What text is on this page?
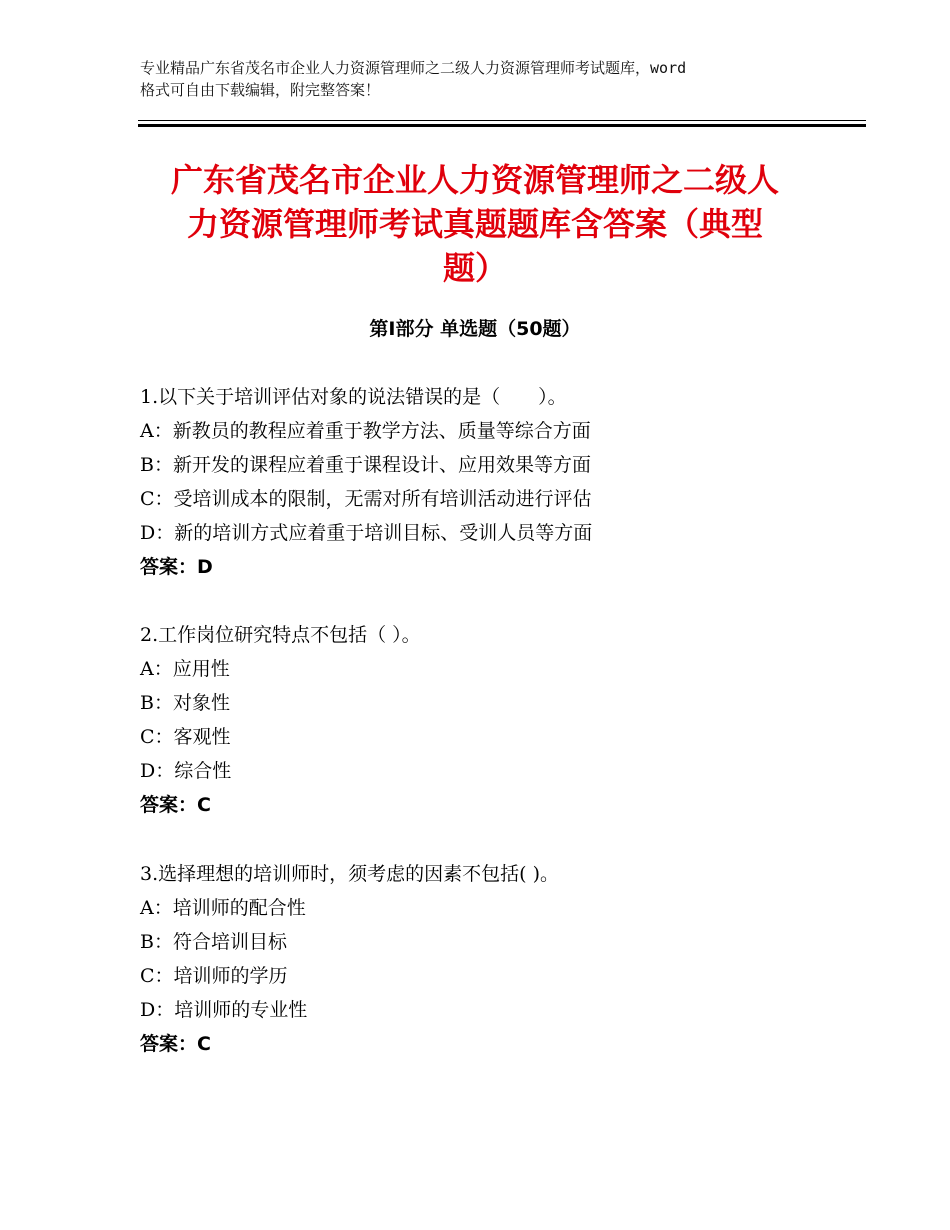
专业精品广东省茂名市企业人力资源管理师之二级人力资源管理师考试题库，word
格式可自由下载编辑，附完整答案！
广东省茂名市企业人力资源管理师之二级人
力资源管理师考试真题题库含答案（典型
题）
第Ⅰ部分 单选题（50题）
1.以下关于培训评估对象的说法错误的是（　　）。
A：新教员的教程应着重于教学方法、质量等综合方面
B：新开发的课程应着重于课程设计、应用效果等方面
C：受培训成本的限制，无需对所有培训活动进行评估
D：新的培训方式应着重于培训目标、受训人员等方面
答案：D
2.工作岗位研究特点不包括（ ）。
A：应用性
B：对象性
C：客观性
D：综合性
答案：C
3.选择理想的培训师时，须考虑的因素不包括( )。
A：培训师的配合性
B：符合培训目标
C：培训师的学历
D：培训师的专业性
答案：C
